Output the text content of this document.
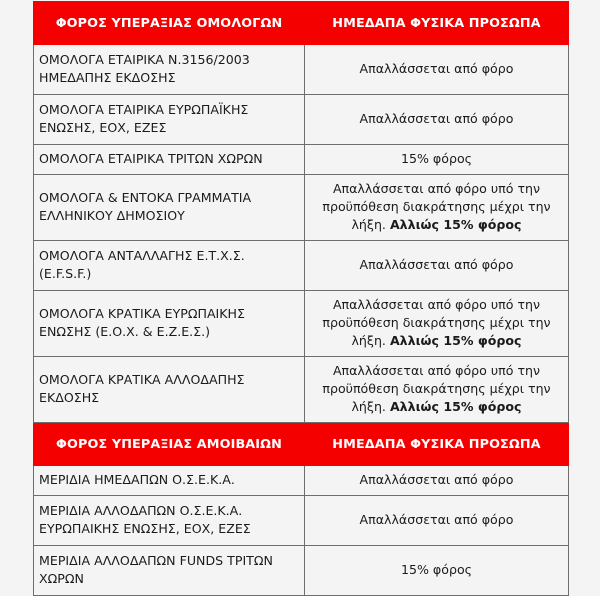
ΦΟΡΟΣ ΥΠΕΡΑΞΙΑΣ ΟΜΟΛΟΓΩΝ	ΗΜΕΔΑΠΑ ΦΥΣΙΚΑ ΠΡΟΣΩΠΑ
ΟΜΟΛΟΓΑ ΕΤΑΙΡΙΚΑ Ν.3156/2003 ΗΜΕΔΑΠΗΣ ΕΚΔΟΣΗΣ	Απαλλάσσεται από φόρο
ΟΜΟΛΟΓΑ ΕΤΑΙΡΙΚΑ ΕΥΡΩΠΑΪΚΗΣ ΕΝΩΣΗΣ, ΕΟΧ, ΕΖΕΣ	Απαλλάσσεται από φόρο
ΟΜΟΛΟΓΑ ΕΤΑΙΡΙΚΑ ΤΡΙΤΩΝ ΧΩΡΩΝ	15% φόρος
ΟΜΟΛΟΓΑ & ΕΝΤΟΚΑ ΓΡΑΜΜΑΤΙΑ ΕΛΛΗΝΙΚΟΥ ΔΗΜΟΣΙΟΥ	Απαλλάσσεται από φόρο υπό την προϋπόθεση διακράτησης μέχρι την λήξη. Αλλιώς 15% φόρος
ΟΜΟΛΟΓΑ ΑΝΤΑΛΛΑΓΗΣ Ε.Τ.Χ.Σ. (E.F.S.F.)	Απαλλάσσεται από φόρο
ΟΜΟΛΟΓΑ ΚΡΑΤΙΚΑ ΕΥΡΩΠΑΙΚΗΣ ΕΝΩΣΗΣ (Ε.Ο.Χ. & Ε.Ζ.Ε.Σ.)	Απαλλάσσεται από φόρο υπό την προϋπόθεση διακράτησης μέχρι την λήξη. Αλλιώς 15% φόρος
ΟΜΟΛΟΓΑ ΚΡΑΤΙΚΑ ΑΛΛΟΔΑΠΗΣ ΕΚΔΟΣΗΣ	Απαλλάσσεται από φόρο υπό την προϋπόθεση διακράτησης μέχρι την λήξη. Αλλιώς 15% φόρος
ΦΟΡΟΣ ΥΠΕΡΑΞΙΑΣ ΑΜΟΙΒΑΙΩΝ	ΗΜΕΔΑΠΑ ΦΥΣΙΚΑ ΠΡΟΣΩΠΑ
ΜΕΡΙΔΙΑ ΗΜΕΔΑΠΩΝ Ο.Σ.Ε.Κ.Α.	Απαλλάσσεται από φόρο
ΜΕΡΙΔΙΑ ΑΛΛΟΔΑΠΩΝ Ο.Σ.Ε.Κ.Α. ΕΥΡΩΠΑΙΚΗΣ ΕΝΩΣΗΣ, ΕΟΧ, ΕΖΕΣ	Απαλλάσσεται από φόρο
ΜΕΡΙΔΙΑ ΑΛΛΟΔΑΠΩΝ FUNDS ΤΡΙΤΩΝ ΧΩΡΩΝ	15% φόρος
